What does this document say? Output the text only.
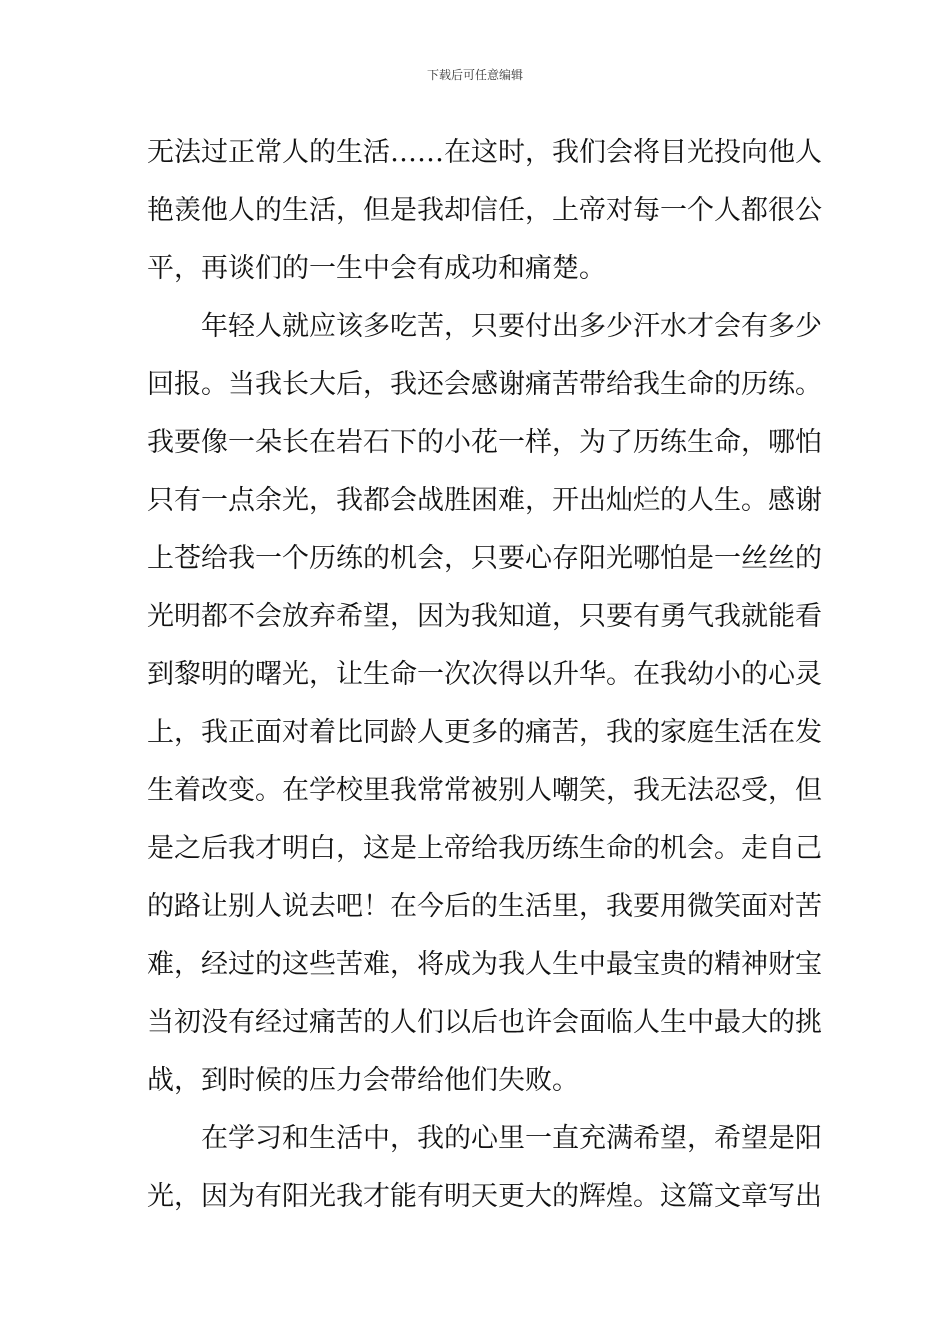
下载后可任意编辑
无法过正常人的生活……在这时，我们会将目光投向他人
艳羡他人的生活，但是我却信任，上帝对每一个人都很公
平，再谈们的一生中会有成功和痛楚。
年轻人就应该多吃苦，只要付出多少汗水才会有多少
回报。当我长大后，我还会感谢痛苦带给我生命的历练。
我要像一朵长在岩石下的小花一样，为了历练生命，哪怕
只有一点余光，我都会战胜困难，开出灿烂的人生。感谢
上苍给我一个历练的机会，只要心存阳光哪怕是一丝丝的
光明都不会放弃希望，因为我知道，只要有勇气我就能看
到黎明的曙光，让生命一次次得以升华。在我幼小的心灵
上，我正面对着比同龄人更多的痛苦，我的家庭生活在发
生着改变。在学校里我常常被别人嘲笑，我无法忍受，但
是之后我才明白，这是上帝给我历练生命的机会。走自己
的路让别人说去吧！在今后的生活里，我要用微笑面对苦
难，经过的这些苦难，将成为我人生中最宝贵的精神财宝
当初没有经过痛苦的人们以后也许会面临人生中最大的挑
战，到时候的压力会带给他们失败。
在学习和生活中，我的心里一直充满希望，希望是阳
光，因为有阳光我才能有明天更大的辉煌。这篇文章写出
